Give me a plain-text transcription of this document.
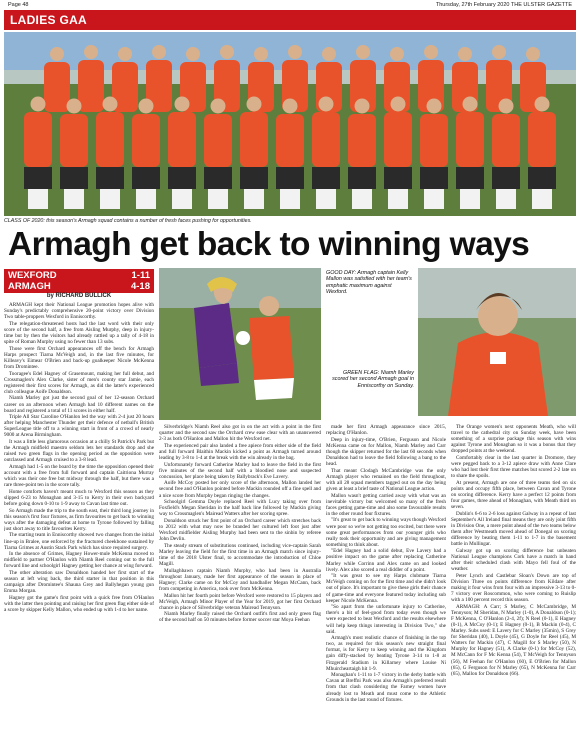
Page 48	Thursday, 27th February 2020 THE ULSTER GAZETTE
LADIES GAA
CLASS OF 2020: this season's Armagh squad contains a number of fresh faces pushing for opportunities.
Armagh get back to winning ways
WEXFORD	1-11
ARMAGH	4-18
by RICHARD BULLICK

ARMAGH kept their National League promotion hopes alive with Sunday's predictably comprehensive 20-point victory over Division Two table-proppers Wexford in Enniscorthy.

The relegation-threatened hosts had the last word with their only score of the second half, a free from Aisling Murphy, deep in injury-time but by then the visitors had already rattled up a tally of 4-18 in spite of Roman Murphy using no fewer than 13 subs.

Those were first Orchard appearances off the bench for Armagh Harps prospect Tiarna McVeigh and, in the last five minutes, for Killeavy's Eimear O'Brien and back-up goalkeeper Nicole McKenna from Dromintee.

Tooragee's Edel Hagney of Grasemount, making her full debut, and Crossmaglen's Alex Clarke, sister of men's county star Jamie, each registered their first scores for Armagh, as did the latter's experienced club colleague Aoife Donaldson.

Niamh Marley got just the second goal of her 12-season Orchard career on an afternoon when Armagh had 10 different names on the board and registered a total of 11 scores in either half.

Triple All Star Caroline O'Hanlon led the way with 2-4 just 20 hours after helping Manchester Thunder get their defence of netball's British SuperLeague title off to a winning start in front of a crowd of nearly 9000 at Arena Birmingham.

It was a little less glamorous occasion at a chilly St Patrick's Park but the Armagh midfield maestro seldom lets her standards drop and she raised two green flags in the opening period as the opposition were outclassed and Armagh cruised to a 3-8 lead.

Armagh had 1-5 on the board by the time the opposition opened their account with a free from full forward and captain Caitriona Murray which was their one free but midway through the half, but there was a rare three-point ten in the score tally.

Home comforts haven't meant much to Wexford this season as they slipped 6-23 to Monaghan and 3-15 to Kerry in their own backyard before going down 0-10 to 1-9 away to Cavan last time out.

So Armagh made the trip to the south east, their third long journey in this season's first four fixtures, as firm favourites to get back to winning ways after the damaging defeat at home to Tyrone followed by falling just short away to title favourites Kerry.

The starting team in Enniscorthy showed two changes from the initial line-up in Bralee, one enforced by the fractured cheekbone sustained by Tiarna Grimes at Austin Stack Park which has since required surgery.

In the absence of Grimes, Hagney Hower-mule McKenna moved to midfield to partner O'Hanlon with Niamh Reel coming out to the full forward line and schoolgirl Hagney getting her chance at wing forward.

The other alteration saw Donaldson handed her first start of the season at left wing back, the third starter in that position in this campaign after Dromintee's Shauna Grey and Ballyhegan young gun Emma Morgan.

Hagney got the game's first point with a quick free from O'Hanlon with the latter then pointing and raising her first green flag either side of a score by skipper Kelly Mallon, who ended up with 1-4 to her name.

Silverbridge's Niamh Reel also got in on the act with a point in the first quarter and the second saw the Orchard crew ease clear with an unanswered 2-3 as both O'Hanlon and Mallon hit the Wexford net.

The experienced pair also landed a free apiece from either side of the field and full forward Blaithin Mackin kicked a point as Armagh turned around leading by 3-8 to 1-4 at the break with the win already in the bag.

Unfortunately forward Catherine Marley had to leave the field in the first five minutes of the second half with a bloodied nose and suspected concussion, her place being taken by Ballybrack's Eve Lavery.

Aoife McCoy posted her only score of the afternoon, Mallon landed her second free and O'Hanlon pointed before Mackin rounded off a fine spell and a nice score from Murphy began ringing the changes.

Schoolgirl Gemma Doyle replaced Reel with Lucy taking over from Foxfield's Megan Sheridan in the half back line followed by Mackin giving way to Crossmaglen's Mairead Watters after her scoring spree.

Donaldson struck her first point of an Orchard career which stretches back to 2012 with what may now be branded her cultured left foot just after Wexford midfielder Aisling Murphy had been sent to the sinbin by referee John Devlin.

The steady stream of substitutions continued, including vice-captain Sarah Marley leaving the field for the first time in an Armagh match since injury-time of the 2018 Ulster final, to accommodate the introduction of Chloe Magill.

Mullaghbawn captain Niamh Murphy, who had been in Australia throughout January, made her first appearance of the season in place of Hagney; Clarke came on for McCoy and handballer Megan McCann, back from competing in America, took over from McKenna.

Mallon hit her fourth point before Wexford were restored to 15 players and McVeigh, Armagh Minor Player of the Year for 2019, got her first Orchard chance in place of Silverbridge veteran Mairead Tennyson.

Niamh Marley finally raised the Orchard outfit's first and only green flag of the second half on 50 minutes before former soccer star Moya Feehan

GOOD DAY: Armagh captain Kelly Mallon was satisfied with her team's emphatic maximum against Wexford.
GREEN FLAG: Niamh Marley scored her second Armagh goal in Enniscorthy on Sunday.

made her first Armagh appearance since 2015, replacing O'Hanlon.

Deep in injury-time, O'Brien, Ferguson and Nicole McKenna came on for Mallon, Niamh Marley and Carr though the skipper returned for the last 60 seconds when Donaldson had to leave the field following a bang to the head.

That meant Clodagh McCambridge was the only Armagh player who remained on the field throughout, with all 28 squad members tagged out on the day being given at least a brief taste of National League action.

Mallon wasn't getting carried away with what was an inevitable victory but welcomed so many of the fresh faces getting game-time and also some favourable results in the other round four fixtures.

"It's great to get back to winning ways though Wexford were poor so we're not getting too excited, but there were some great performances from our younger girls who really took their opportunity and are giving management something to think about.

"Edel Hagney had a solid debut, Eve Lavery had a positive impact on the game after replacing Catherine Marley while Corrinn and Alex came on and looked lively. Alex also scored a real diddler of a point.

"It was great to see my Harps clubmate Tiarna McVeigh coming on for the first time and she didn't look out of place. It's important to give these girls their chance of game-time and everyone featured today including sub keeper Nicole McKenna.

"So apart from the unfortunate injury to Catherine, there's a bit of feel-good from today even though we were expected to beat Wexford and the results elsewhere will help keep things interesting in Division Two," she said.

Armagh's most realistic chance of finishing in the top two, as required for this season's new straight final format, is for Kerry to keep winning and the Kingdom gain diffy-stacked by beating Tyrone 3-14 to 1-8 at Fitzgerald Stadium in Killarney where Louise Ní Mhuircheartaigh hit 1-9.

Monaghan's 1-11 to 1-7 victory in the derby battle with Cavan at Breffni Park was also Armagh's preferred result from that clash considering the Farney women have already lost to Meath and must come to the Athletic Grounds in the last round of fixtures.

The Orange women's next opponents Meath, who will travel to the cathedral city on Sunday week, have been something of a surprise package this season with wins against Tyrone and Monaghan so it was a bonus that they dropped points at the weekend.

Comfortably clear in the last quarter in Dromore, they were pegged back to a 3-12 apiece draw with Anne Clare who had lost their first three matches but scored 2-2 late on to share the spoils.

At present, Armagh are one of three teams tied on six points and occupy fifth place, between Cavan and Tyrone on scoring difference. Kerry have a perfect 12 points from four games, three ahead of Monaghan, with Meath third on seven.

Dublin's 6-6 to 2-6 loss against Galway in a repeat of last September's All Ireland final means they are only joint fifth in Division One, a mere point ahead of the two teams below them after Westmeath moved ahead of Donegal on scoring difference by beating them 1-11 to 1-7 in the basement battle in Mullingar.

Galway got up on scoring difference but unbeaten National League champions Cork have a match in hand after their scheduled clash with Mayo fell foul of the weather.

Peter Lynch and Castlebar Sloan's Down are top of Division Three on points difference from Kildare after making it four wins from four with an impressive 3-13 to 0-7 victory over Roscommon, who were coming to Ruislip with a 100 percent record this season.

ARMAGH: A Carr; S Marley, C McCambridge, M Tennyson; M Sheridan, N Marley (1-0), A Donaldson (0-1); F McKenna, C O'Hanlon (2-4, 2f); N Reel (0-1), E Hagney (0-1), A McCoy (0-1); E Hagney (0-1), B Mackin (0-4), C Marley. Subs used: E Lavery for C Marley (35min), S Grey for Sheridan (40), L Doyle (45), G Doyle for Reel (45), M Watters for Mackin (47), C Magill for S Marley (50), N Murphy for Hagney (51), A Clarke (0-1) for McCoy (52), M McCann for F Mc Kenna (54), T McVeigh for Tennyson (56), M Feehan for O'Hanlon (60), E O'Brien for Mallon (65), G Ferguson for N Marley (65), N McKenna for Carr (65), Mallon for Donaldson (66).
